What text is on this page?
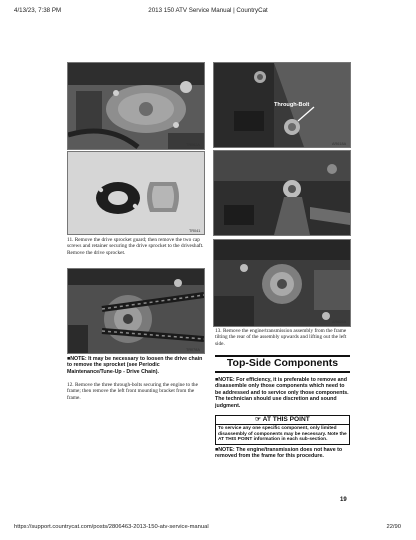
4/13/23, 7:38 PM	2013 150 ATV Service Manual | CountryCat
TR062A
TR041
11. Remove the drive sprocket guard; then remove the two cap screws and retainer securing the drive sprocket to the driveshaft. Remove the drive sprocket.
TR078A
■NOTE: It may be necessary to loosen the drive chain to remove the sprocket (see Periodic Maintenance/Tune-Up - Drive Chain).
12. Remove the three through-bolts securing the engine to the frame; then remove the left front mounting bracket from the frame.
Through-Bolt
AR618A
AR633A
AR626A
13. Remove the engine/transmission assembly from the frame tilting the rear of the assembly upwards and lifting out the left side.
Top-Side Components
■NOTE: For efficiency, it is preferable to remove and disassemble only those components which need to be addressed and to service only those components. The technician should use discretion and sound judgment.
☞ AT THIS POINT
To service any one specific component, only limited disassembly of components may be necessary. Note the AT THIS POINT information in each sub-section.
■NOTE: The engine/transmission does not have to removed from the frame for this procedure.
19
https://support.countrycat.com/posts/2806463-2013-150-atv-service-manual	22/90
